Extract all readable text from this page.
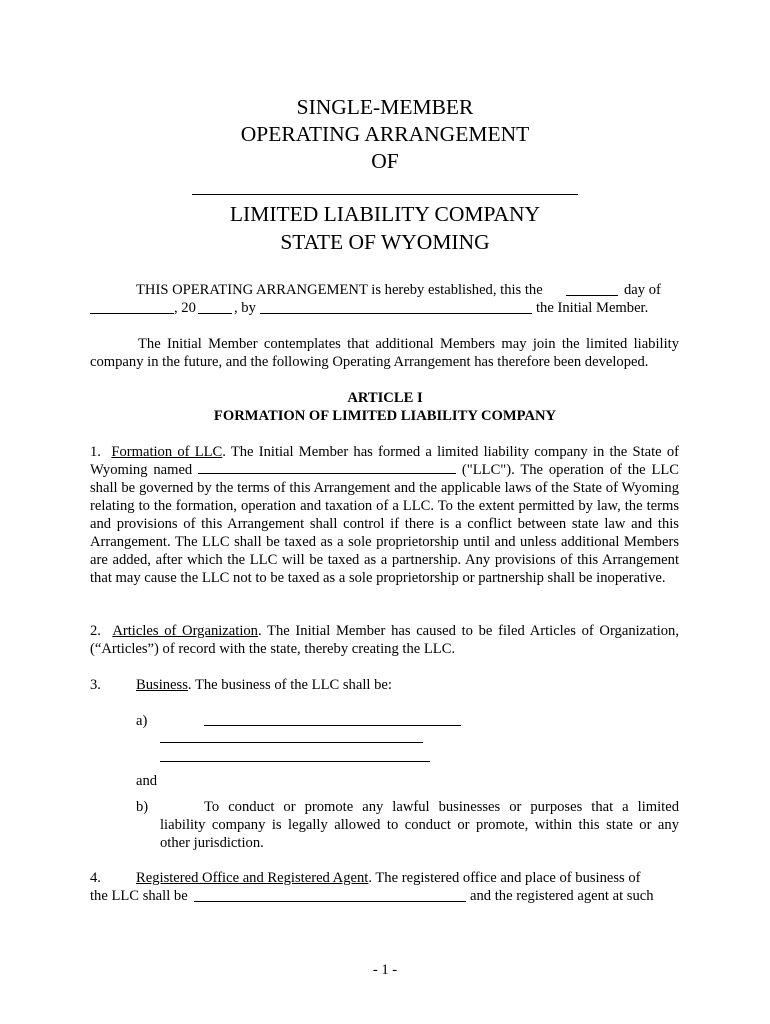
SINGLE-MEMBER
OPERATING ARRANGEMENT
OF
LIMITED LIABILITY COMPANY
STATE OF WYOMING
THIS OPERATING ARRANGEMENT is hereby established, this the	day of
, 20	, by	the Initial Member.
The Initial Member contemplates that additional Members may join the limited liability company in the future, and the following Operating Arrangement has therefore been developed.
ARTICLE I
FORMATION OF LIMITED LIABILITY COMPANY
1. Formation of LLC. The Initial Member has formed a limited liability company in the State of Wyoming named	("LLC"). The operation of the LLC shall be governed by the terms of this Arrangement and the applicable laws of the State of Wyoming relating to the formation, operation and taxation of a LLC. To the extent permitted by law, the terms and provisions of this Arrangement shall control if there is a conflict between state law and this Arrangement. The LLC shall be taxed as a sole proprietorship until and unless additional Members are added, after which the LLC will be taxed as a partnership. Any provisions of this Arrangement that may cause the LLC not to be taxed as a sole proprietorship or partnership shall be inoperative.
2. Articles of Organization. The Initial Member has caused to be filed Articles of Organization, (“Articles”) of record with the state, thereby creating the LLC.
3. Business. The business of the LLC shall be:
a)
and
b)	To conduct or promote any lawful businesses or purposes that a limited
liability company is legally allowed to conduct or promote, within this state or any
other jurisdiction.
4. Registered Office and Registered Agent. The registered office and place of business of
the LLC shall be	and the registered agent at such
- 1 -
